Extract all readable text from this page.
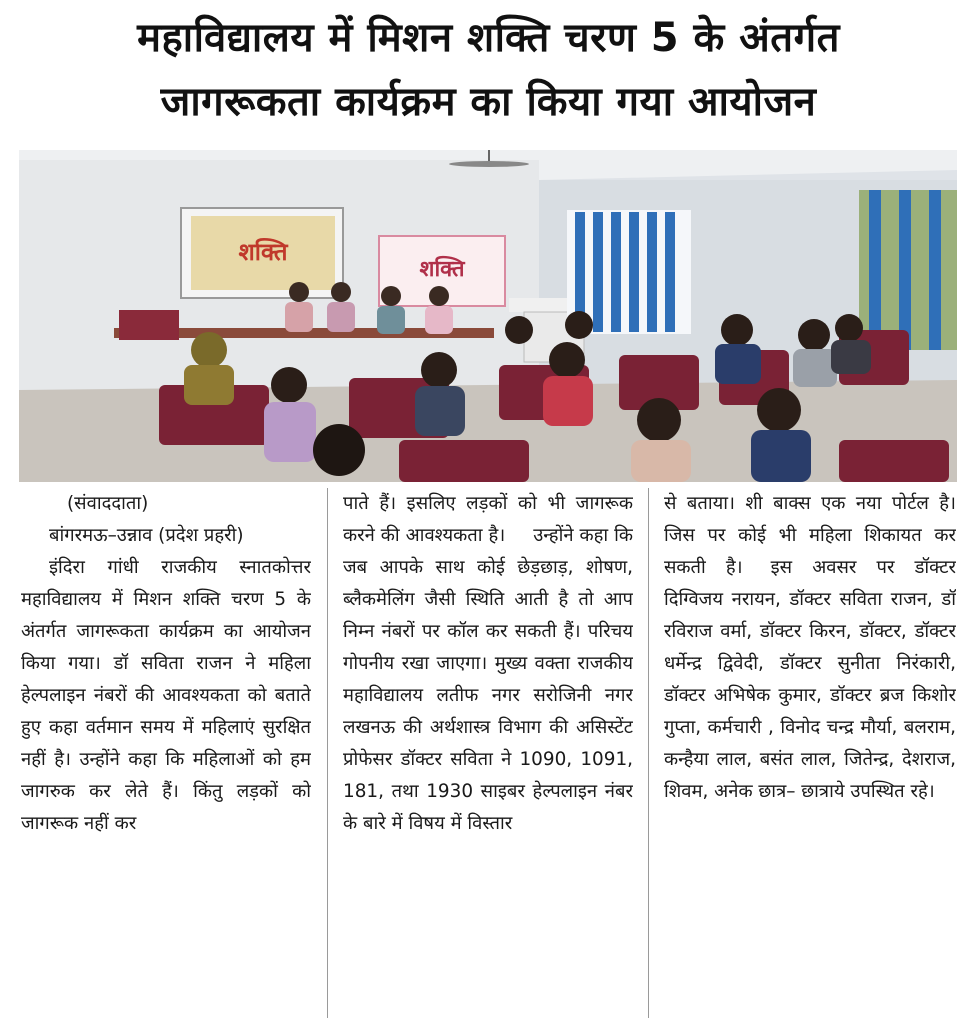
महाविद्यालय में मिशन शक्ति चरण 5 के अंतर्गत
जागरूकता कार्यक्रम का किया गया आयोजन
शक्ति
शक्ति

(संवाददाता)

बांगरमऊ–उन्नाव (प्रदेश प्रहरी)

इंदिरा गांधी राजकीय स्नातकोत्तर महाविद्यालय में मिशन शक्ति चरण 5 के अंतर्गत जागरूकता कार्यक्रम का आयोजन किया गया। डॉ सविता राजन ने महिला हेल्पलाइन नंबरों की आवश्यकता को बताते हुए कहा वर्तमान समय में महिलाएं सुरक्षित नहीं है। उन्होंने कहा कि महिलाओं को हम जागरुक कर लेते हैं। किंतु लड़कों को जागरूक नहीं कर

पाते हैं। इसलिए लड़कों को भी जागरूक करने की आवश्यकता है। उन्होंने कहा कि जब आपके साथ कोई छेड़छाड़, शोषण, ब्लैकमेलिंग जैसी स्थिति आती है तो आप निम्न नंबरों पर कॉल कर सकती हैं। परिचय गोपनीय रखा जाएगा। मुख्य वक्ता राजकीय महाविद्यालय लतीफ नगर सरोजिनी नगर लखनऊ की अर्थशास्त्र विभाग की असिस्टेंट प्रोफेसर डॉक्टर सविता ने 1090, 1091, 181, तथा 1930 साइबर हेल्पलाइन नंबर के बारे में विषय में विस्तार

से बताया। शी बाक्स एक नया पोर्टल है। जिस पर कोई भी महिला शिकायत कर सकती है। इस अवसर पर डॉक्टर दिग्विजय नरायन, डॉक्टर सविता राजन, डॉ रविराज वर्मा, डॉक्टर किरन, डॉक्टर, डॉक्टर धर्मेन्द्र द्विवेदी, डॉक्टर सुनीता निरंकारी, डॉक्टर अभिषेक कुमार, डॉक्टर ब्रज किशोर गुप्ता, कर्मचारी , विनोद चन्द्र मौर्या, बलराम, कन्हैया लाल, बसंत लाल, जितेन्द्र, देशराज, शिवम, अनेक छात्र– छात्राये उपस्थित रहे।
